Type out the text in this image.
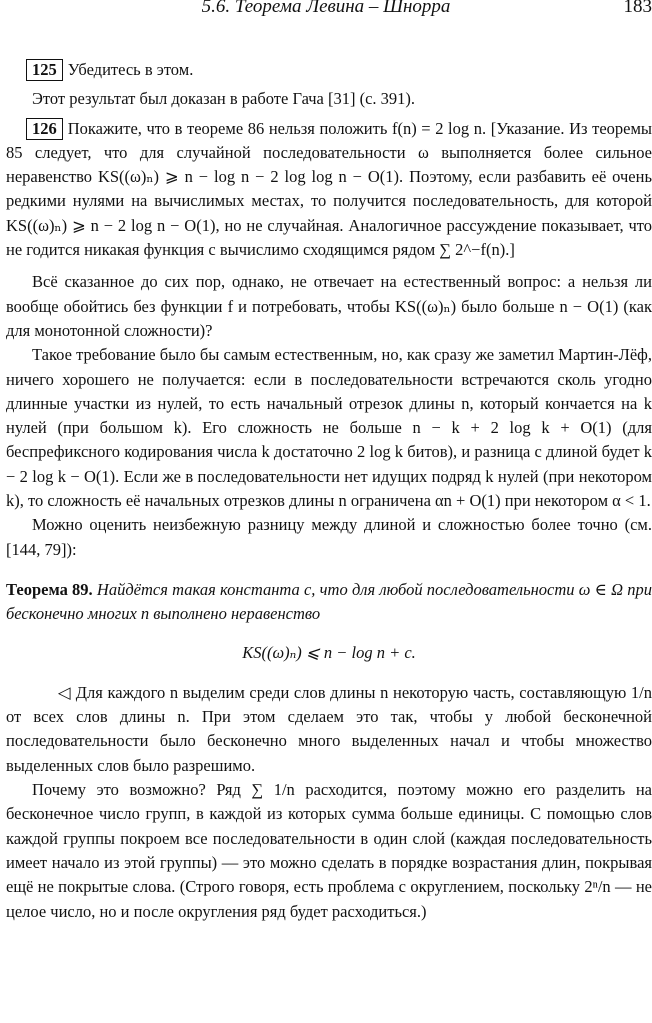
5.6. Теорема Левина – Шнорра	183

125 Убедитесь в этом.

Этот результат был доказан в работе Гача [31] (с. 391).

126 Покажите, что в теореме 86 нельзя положить f(n) = 2 log n. [Указание. Из теоремы 85 следует, что для случайной последовательности ω выполняется более сильное неравенство KS((ω)ₙ) ⩾ n − log n − 2 log log n − O(1). Поэтому, если разбавить её очень редкими нулями на вычислимых местах, то получится последовательность, для которой KS((ω)ₙ) ⩾ n − 2 log n − O(1), но не случайная. Аналогичное рассуждение показывает, что не годится никакая функция с вычислимо сходящимся рядом ∑ 2^−f(n).]

Всё сказанное до сих пор, однако, не отвечает на естественный вопрос: а нельзя ли вообще обойтись без функции f и потребовать, чтобы KS((ω)ₙ) было больше n − O(1) (как для монотонной сложности)?

Такое требование было бы самым естественным, но, как сразу же заметил Мартин-Лёф, ничего хорошего не получается: если в последовательности встречаются сколь угодно длинные участки из нулей, то есть начальный отрезок длины n, который кончается на k нулей (при большом k). Его сложность не больше n − k + 2 log k + O(1) (для беспрефиксного кодирования числа k достаточно 2 log k битов), и разница с длиной будет k − 2 log k − O(1). Если же в последовательности нет идущих подряд k нулей (при некотором k), то сложность её начальных отрезков длины n ограничена αn + O(1) при некотором α < 1.

Можно оценить неизбежную разницу между длиной и сложностью более точно (см. [144, 79]):

Теорема 89. Найдётся такая константа c, что для любой последовательности ω ∈ Ω при бесконечно многих n выполнено неравенство

KS((ω)ₙ) ⩽ n − log n + c.

◁ Для каждого n выделим среди слов длины n некоторую часть, составляющую 1/n от всех слов длины n. При этом сделаем это так, чтобы у любой бесконечной последовательности было бесконечно много выделенных начал и чтобы множество выделенных слов было разрешимо.

Почему это возможно? Ряд ∑ 1/n расходится, поэтому можно его разделить на бесконечное число групп, в каждой из которых сумма больше единицы. С помощью слов каждой группы покроем все последовательности в один слой (каждая последовательность имеет начало из этой группы) — это можно сделать в порядке возрастания длин, покрывая ещё не покрытые слова. (Строго говоря, есть проблема с округлением, поскольку 2ⁿ/n — не целое число, но и после округления ряд будет расходиться.)
